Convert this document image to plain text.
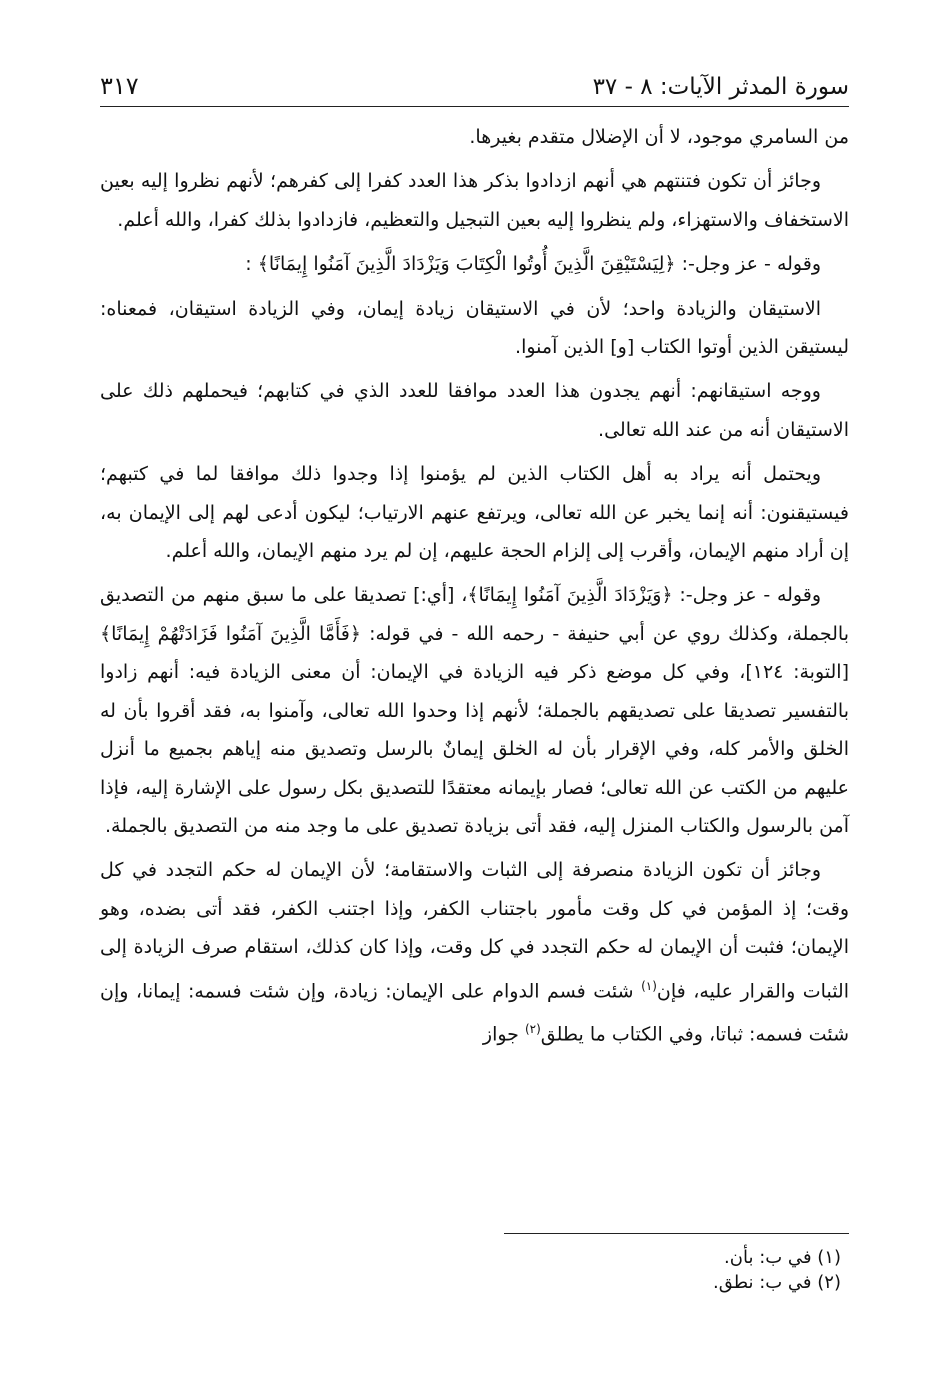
٣١٧	سورة المدثر الآيات: ٨ - ٣٧

من السامري موجود، لا أن الإضلال متقدم بغيرها.

وجائز أن تكون فتنتهم هي أنهم ازدادوا بذكر هذا العدد كفرا إلى كفرهم؛ لأنهم نظروا إليه بعين الاستخفاف والاستهزاء، ولم ينظروا إليه بعين التبجيل والتعظيم، فازدادوا بذلك كفرا، والله أعلم.

وقوله - عز وجل-: ﴿لِيَسْتَيْقِنَ الَّذِينَ أُوتُوا الْكِتَابَ وَيَزْدَادَ الَّذِينَ آمَنُوا إِيمَانًا﴾ :

الاستيقان والزيادة واحد؛ لأن في الاستيقان زيادة إيمان، وفي الزيادة استيقان، فمعناه: ليستيقن الذين أوتوا الكتاب [و] الذين آمنوا.

ووجه استيقانهم: أنهم يجدون هذا العدد موافقا للعدد الذي في كتابهم؛ فيحملهم ذلك على الاستيقان أنه من عند الله تعالى.

ويحتمل أنه يراد به أهل الكتاب الذين لم يؤمنوا إذا وجدوا ذلك موافقا لما في كتبهم؛ فيستيقنون: أنه إنما يخبر عن الله تعالى، ويرتفع عنهم الارتياب؛ ليكون أدعى لهم إلى الإيمان به، إن أراد منهم الإيمان، وأقرب إلى إلزام الحجة عليهم، إن لم يرد منهم الإيمان، والله أعلم.

وقوله - عز وجل-: ﴿وَيَزْدَادَ الَّذِينَ آمَنُوا إِيمَانًا﴾، [أي:] تصديقا على ما سبق منهم من التصديق بالجملة، وكذلك روي عن أبي حنيفة - رحمه الله - في قوله: ﴿فَأَمَّا الَّذِينَ آمَنُوا فَزَادَتْهُمْ إِيمَانًا﴾ [التوبة: ١٢٤]، وفي كل موضع ذكر فيه الزيادة في الإيمان: أن معنى الزيادة فيه: أنهم زادوا بالتفسير تصديقا على تصديقهم بالجملة؛ لأنهم إذا وحدوا الله تعالى، وآمنوا به، فقد أقروا بأن له الخلق والأمر كله، وفي الإقرار بأن له الخلق إيمانٌ بالرسل وتصديق منه إياهم بجميع ما أنزل عليهم من الكتب عن الله تعالى؛ فصار بإيمانه معتقدًا للتصديق بكل رسول على الإشارة إليه، فإذا آمن بالرسول والكتاب المنزل إليه، فقد أتى بزيادة تصديق على ما وجد منه من التصديق بالجملة.

وجائز أن تكون الزيادة منصرفة إلى الثبات والاستقامة؛ لأن الإيمان له حكم التجدد في كل وقت؛ إذ المؤمن في كل وقت مأمور باجتناب الكفر، وإذا اجتنب الكفر، فقد أتى بضده، وهو الإيمان؛ فثبت أن الإيمان له حكم التجدد في كل وقت، وإذا كان كذلك، استقام صرف الزيادة إلى الثبات والقرار عليه، فإن$^{(١)}$ شئت فسم الدوام على الإيمان: زيادة، وإن شئت فسمه: إيمانا، وإن شئت فسمه: ثباتا، وفي الكتاب ما يطلق$^{(٢)}$ جواز

(١) في ب: بأن.
(٢) في ب: نطق.
